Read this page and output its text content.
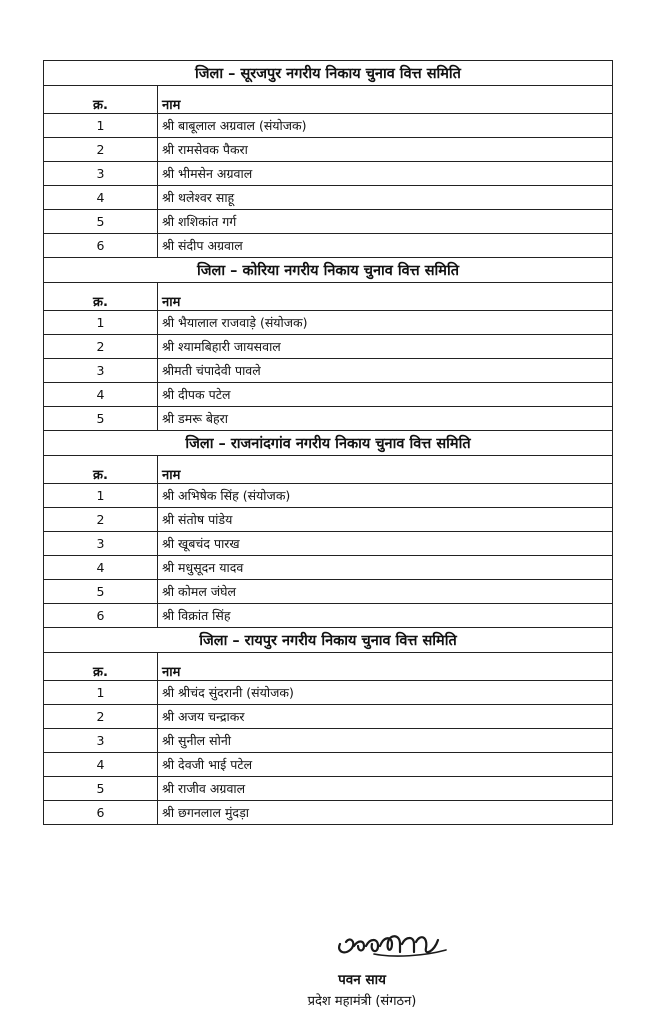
जिला – सूरजपुर नगरीय निकाय चुनाव वित्त समिति	
क्र.	नाम
1	श्री बाबूलाल अग्रवाल (संयोजक)
2	श्री रामसेवक पैकरा
3	श्री भीमसेन अग्रवाल
4	श्री थलेश्वर साहू
5	श्री शशिकांत गर्ग
6	श्री संदीप अग्रवाल
जिला – कोरिया नगरीय निकाय चुनाव वित्त समिति	
क्र.	नाम
1	श्री भैयालाल राजवाड़े (संयोजक)
2	श्री श्यामबिहारी जायसवाल
3	श्रीमती चंपादेवी पावले
4	श्री दीपक पटेल
5	श्री डमरू बेहरा
जिला – राजनांदगांव नगरीय निकाय चुनाव वित्त समिति	
क्र.	नाम
1	श्री अभिषेक सिंह (संयोजक)
2	श्री संतोष पांडेय
3	श्री खूबचंद पारख
4	श्री मधुसूदन यादव
5	श्री कोमल जंघेल
6	श्री विक्रांत सिंह
जिला – रायपुर नगरीय निकाय चुनाव वित्त समिति	
क्र.	नाम
1	श्री श्रीचंद सुंदरानी (संयोजक)
2	श्री अजय चन्द्राकर
3	श्री सुनील सोनी
4	श्री देवजी भाई पटेल
5	श्री राजीव अग्रवाल
6	श्री छगनलाल मुंदड़ा
पवन साय
प्रदेश महामंत्री (संगठन)
